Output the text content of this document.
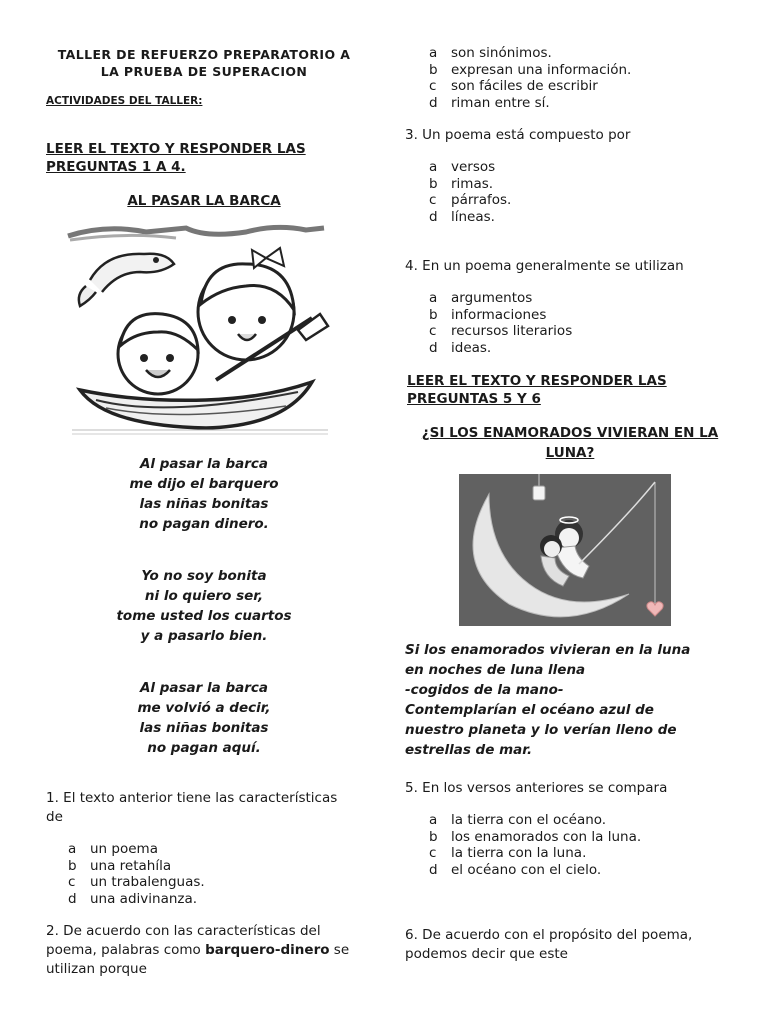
TALLER DE REFUERZO PREPARATORIO A
LA PRUEBA DE SUPERACION
ACTIVIDADES DEL TALLER:
LEER EL TEXTO Y RESPONDER LAS
PREGUNTAS 1 A 4.
AL PASAR LA BARCA
Al pasar la barca
me dijo el barquero
las niñas bonitas
no pagan dinero.
Yo no soy bonita
ni lo quiero ser,
tome usted los cuartos
y a pasarlo bien.
Al pasar la barca
me volvió a decir,
las niñas bonitas
no pagan aquí.
1. El texto anterior tiene las características de
a	un poema
b una retahíla
c	un trabalenguas.
d una adivinanza.
2. De acuerdo con las características del poema, palabras como barquero-dinero se utilizan porque
a	son sinónimos.
b expresan una información.
c	son fáciles de escribir
d riman entre sí.
3. Un poema está compuesto por
a	versos
b rimas.
c	párrafos.
d líneas.
4. En un poema generalmente se utilizan
a	argumentos
b informaciones
c	recursos literarios
d ideas.
LEER EL TEXTO Y RESPONDER LAS
PREGUNTAS 5 Y 6
¿SI LOS ENAMORADOS VIVIERAN EN LA LUNA?
Si los enamorados vivieran en la luna
en noches de luna llena
-cogidos de la mano-
Contemplarían el océano azul de
nuestro planeta y lo verían lleno de
estrellas de mar.
5. En los versos anteriores se compara
a	la tierra con el océano.
b los enamorados con la luna.
c	la tierra con la luna.
d el océano con el cielo.
6. De acuerdo con el propósito del poema, podemos decir que este
